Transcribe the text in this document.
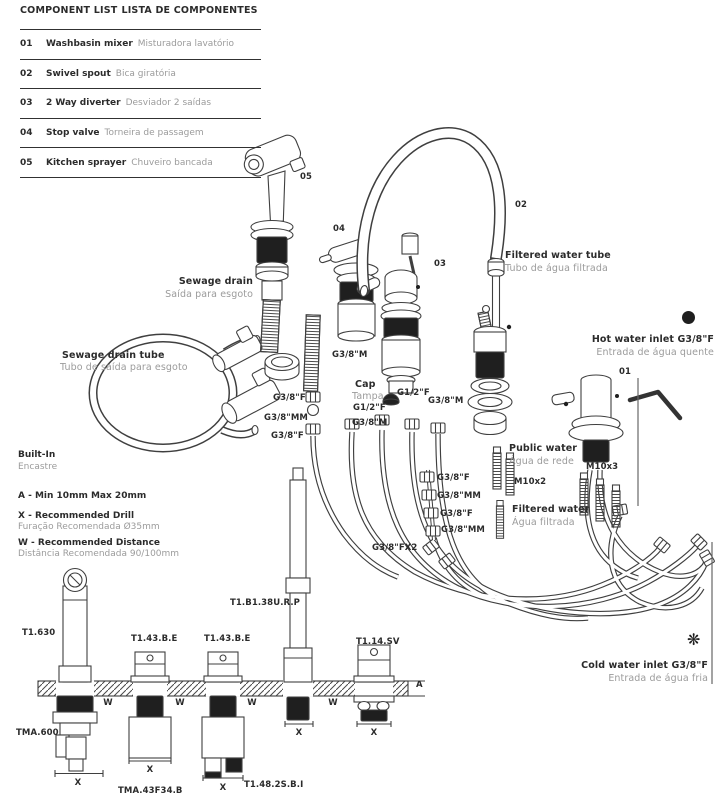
COMPONENT LIST LISTA DE COMPONENTES
01	Washbasin mixer Misturadora lavatório
02	Swivel spout Bica giratória
03	2 Way diverter Desviador 2 saídas
04	Stop valve Torneira de passagem
05	Kitchen sprayer Chuveiro bancada
05
04
03
02
01
Sewage drain
Saída para esgoto
Sewage drain tube
Tubo de saída para esgoto
Filtered water tube
Tubo de água filtrada
Hot water inlet G3/8"F
Entrada de água quente
Cold water inlet G3/8"F
Entrada de água fria
Public water
Água de rede
Filtered water
Água filtrada
Cap
Tampa
G3/8"M
G1/2"F
G3/8"M
G1/2"F
G3/8"M
G3/8"F
G3/8"MM
G3/8"F
G3/8"F
G3/8"MM
G3/8"F
G3/8"MM
G3/8"FX2
M10x2
M10x3
Built-In
Encastre
A - Min 10mm Max 20mm
X - Recommended Drill
Furação Recomendada Ø35mm
W - Recommended Distance
Distância Recomendada 90/100mm
T1.630
TMA.600
T1.43.B.E	T1.43.B.E
TMA.43F34.B
T1.B1.38U.R.P
T1.48.2S.B.I
T1.14.SV
A
W	W	W	W
X
X
X
X	X
❋
